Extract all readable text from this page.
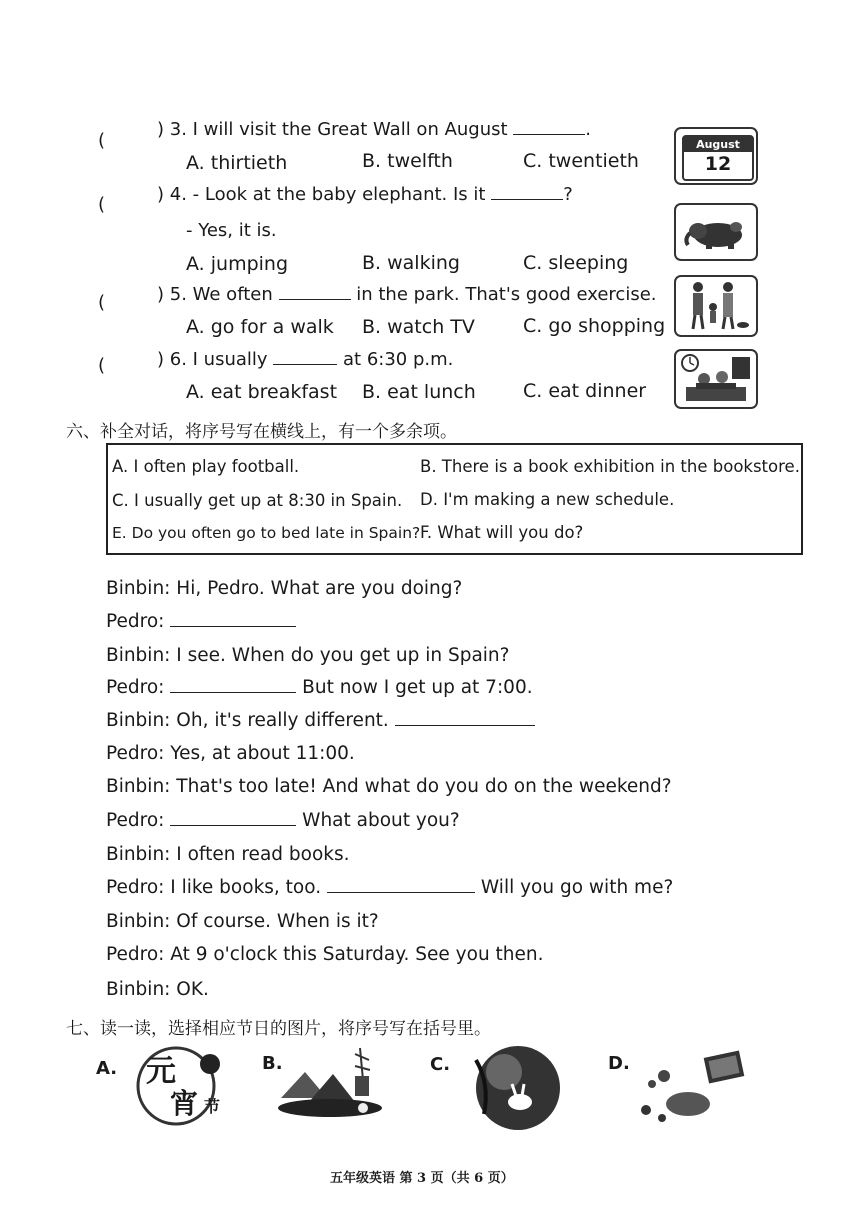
(
) 3. I will visit the Great Wall on August	.
A. thirtieth	B. twelfth	C. twentieth
(	) 4. - Look at the baby elephant. Is it	?
- Yes, it is.
A. jumping	B. walking	C. sleeping
(	) 5. We often	in the park. That's good exercise.
A. go for a walk B. watch TV	C. go shopping
(	) 6. I usually	at 6:30 p.m.
A. eat breakfast B. eat lunch C. eat dinner
August
12
六、补全对话，将序号写在横线上，有一个多余项。
A. I often play football.	B. There is a book exhibition in the bookstore.
C. I usually get up at 8:30 in Spain. D. I'm making a new schedule.
E. Do you often go to bed late in Spain? F. What will you do?
Binbin: Hi, Pedro. What are you doing?
Pedro:
Binbin: I see. When do you get up in Spain?
Pedro:	But now I get up at 7:00.
Binbin: Oh, it's really different.
Pedro: Yes, at about 11:00.
Binbin: That's too late! And what do you do on the weekend?
Pedro:	What about you?
Binbin: I often read books.
Pedro: I like books, too.	Will you go with me?
Binbin: Of course. When is it?
Pedro: At 9 o'clock this Saturday. See you then.
Binbin: OK.
七、读一读，选择相应节日的图片，将序号写在括号里。
A.	B.	C.	D.
元
宵 节
五年级英语 第 3 页（共 6 页）
